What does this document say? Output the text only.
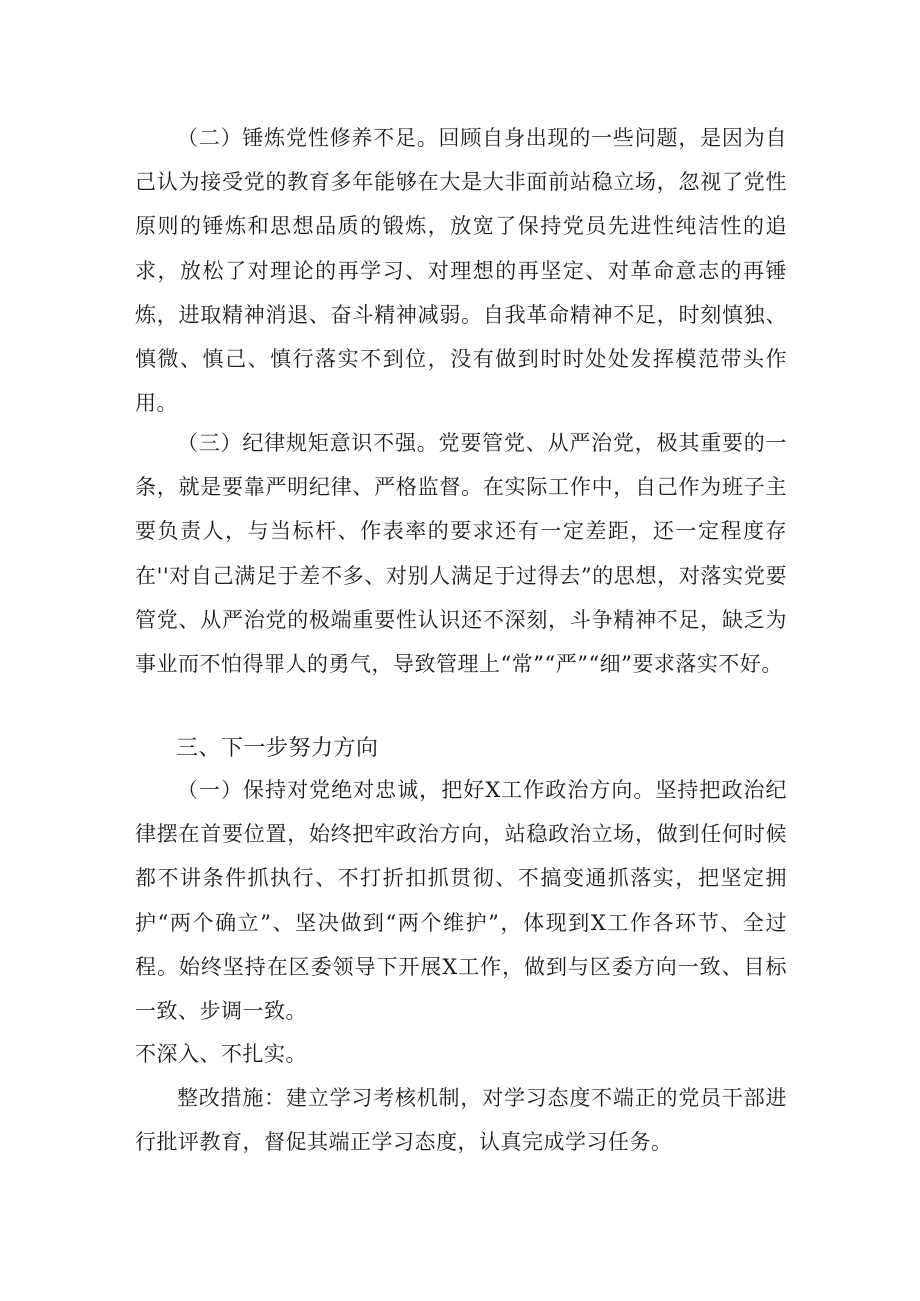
（二）锤炼党性修养不足。回顾自身出现的一些问题，是因为自己认为接受党的教育多年能够在大是大非面前站稳立场，忽视了党性原则的锤炼和思想品质的锻炼，放宽了保持党员先进性纯洁性的追求，放松了对理论的再学习、对理想的再坚定、对革命意志的再锤炼，进取精神消退、奋斗精神减弱。自我革命精神不足，时刻慎独、慎微、慎己、慎行落实不到位，没有做到时时处处发挥模范带头作用。

（三）纪律规矩意识不强。党要管党、从严治党，极其重要的一条，就是要靠严明纪律、严格监督。在实际工作中，自己作为班子主要负责人，与当标杆、作表率的要求还有一定差距，还一定程度存在''对自己满足于差不多、对别人满足于过得去”的思想，对落实党要管党、从严治党的极端重要性认识还不深刻，斗争精神不足，缺乏为事业而不怕得罪人的勇气，导致管理上“常”“严”“细”要求落实不好。

三、下一步努力方向

（一）保持对党绝对忠诚，把好X工作政治方向。坚持把政治纪律摆在首要位置，始终把牢政治方向，站稳政治立场，做到任何时候都不讲条件抓执行、不打折扣抓贯彻、不搞变通抓落实，把坚定拥护“两个确立”、坚决做到“两个维护”，体现到X工作各环节、全过程。始终坚持在区委领导下开展X工作，做到与区委方向一致、目标一致、步调一致。

不深入、不扎实。

整改措施：建立学习考核机制，对学习态度不端正的党员干部进行批评教育，督促其端正学习态度，认真完成学习任务。
